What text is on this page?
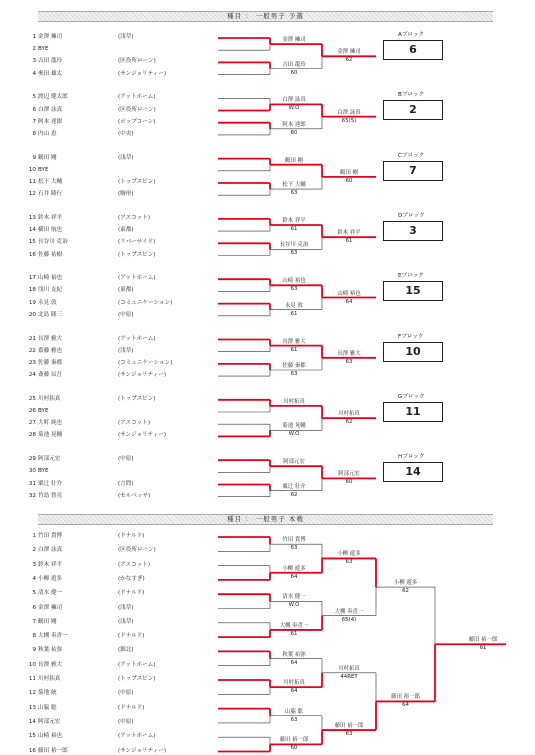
種目 ： 一般男子 予選
種目 ： 一般男子 本戦
1 金澤 擁司	(浅草)
2 BYE
3 吉田 龍玲	(区役所ローン)
4 奥田 雄太	(サンジョリティー)
金澤 擁司
吉田 龍玲
60
金澤 擁司
62
Aブロック
6
5 渡辺 健太郎	(アットホーム)
6 白澤 詠真	(区役所ローン)
7 阿本 達郎	(ポップコーン)
8 内山 恵	(中央)
白澤 詠真
W.O
阿本 達郎
60
白澤 詠真
65(5)
Bブロック
2
9 鶴田 剛	(浅草)
10 BYE
11 松下 大輔	(トップスピン)
12 石井 隆行	(駒形)
鶴田 剛
松下 大輔
63
鶴田 剛
60
Cブロック
7
13 鈴木 祥平	(アスコット)
14 横田 航也	(東都)
15 長谷川 克治	(リバーサイド)
16 佐藤 祐樹	(トップスピン)
鈴木 祥平
61
長谷川 克治
63
鈴木 祥平
61
Dブロック
3
17 山崎 裕也	(アットホーム)
18 浅川 友紀	(東都)
19 永見 敦	(コミュニケーション)
20 北島 隆三	(中原)
山崎 裕也
63
永見 敦
61
山崎 裕也
64
Eブロック
15
21 長澤 雅大	(アットホーム)
22 齋藤 雅也	(浅草)
23 佐藤 秦都	(コミュニケーション)
24 斎藤 辰吾	(サンジョリティー)
長澤 雅大
61
佐藤 秦都
63
長澤 雅大
63
Fブロック
10
25 川村拓真	(トップスピン)
26 BYE
27 大町 純也	(アスコット)
28 菊池 晃輔	(サンジョリティー)
川村拓真
菊池 晃輔
W.O
川村拓真
62
Gブロック
11
29 阿部元宏	(中原)
30 BYE
31 粟辻 壮介	(言問)
32 竹島 智亮	(セルベッサ)
阿部元宏
粟辻 壮介
62
阿部元宏
60
Hブロック
14
1 竹田 貴博	(ドナルド)
2 白澤 詠真	(区役所ローン)
3 鈴木 祥平	(アスコット)
4 小柳 遊多	(かなすぎ)
5 清水 健一	(ドナルド)
6 金澤 擁司	(浅草)
7 鶴田 剛	(浅草)
8 大槻 奏喜一	(ドナルド)
9 秋葉 祐弥	(錦北)
10 長澤 雅大	(アットホーム)
11 川村拓真	(トップスピン)
12 菊地 統	(中原)
13 山脇 聡	(ドナルド)
14 阿部元宏	(中原)
15 山崎 裕也	(アットホーム)
16 藤田 裕一郎	(サンジョリティー)
竹田 貴博
63
小柳 遊多
64
清水 健一
W.O
大槻 奏喜一
61
秋葉 祐弥
64
川村拓真
64
山脇 聡
63
藤田 裕一郎
60
小柳 遊多
63
大槻 奏喜一
65(4)
川村拓真
44RET
藤田 裕一郎
63
小柳 遊多
62
藤田 裕一郎
64
藤田 裕一郎
61
